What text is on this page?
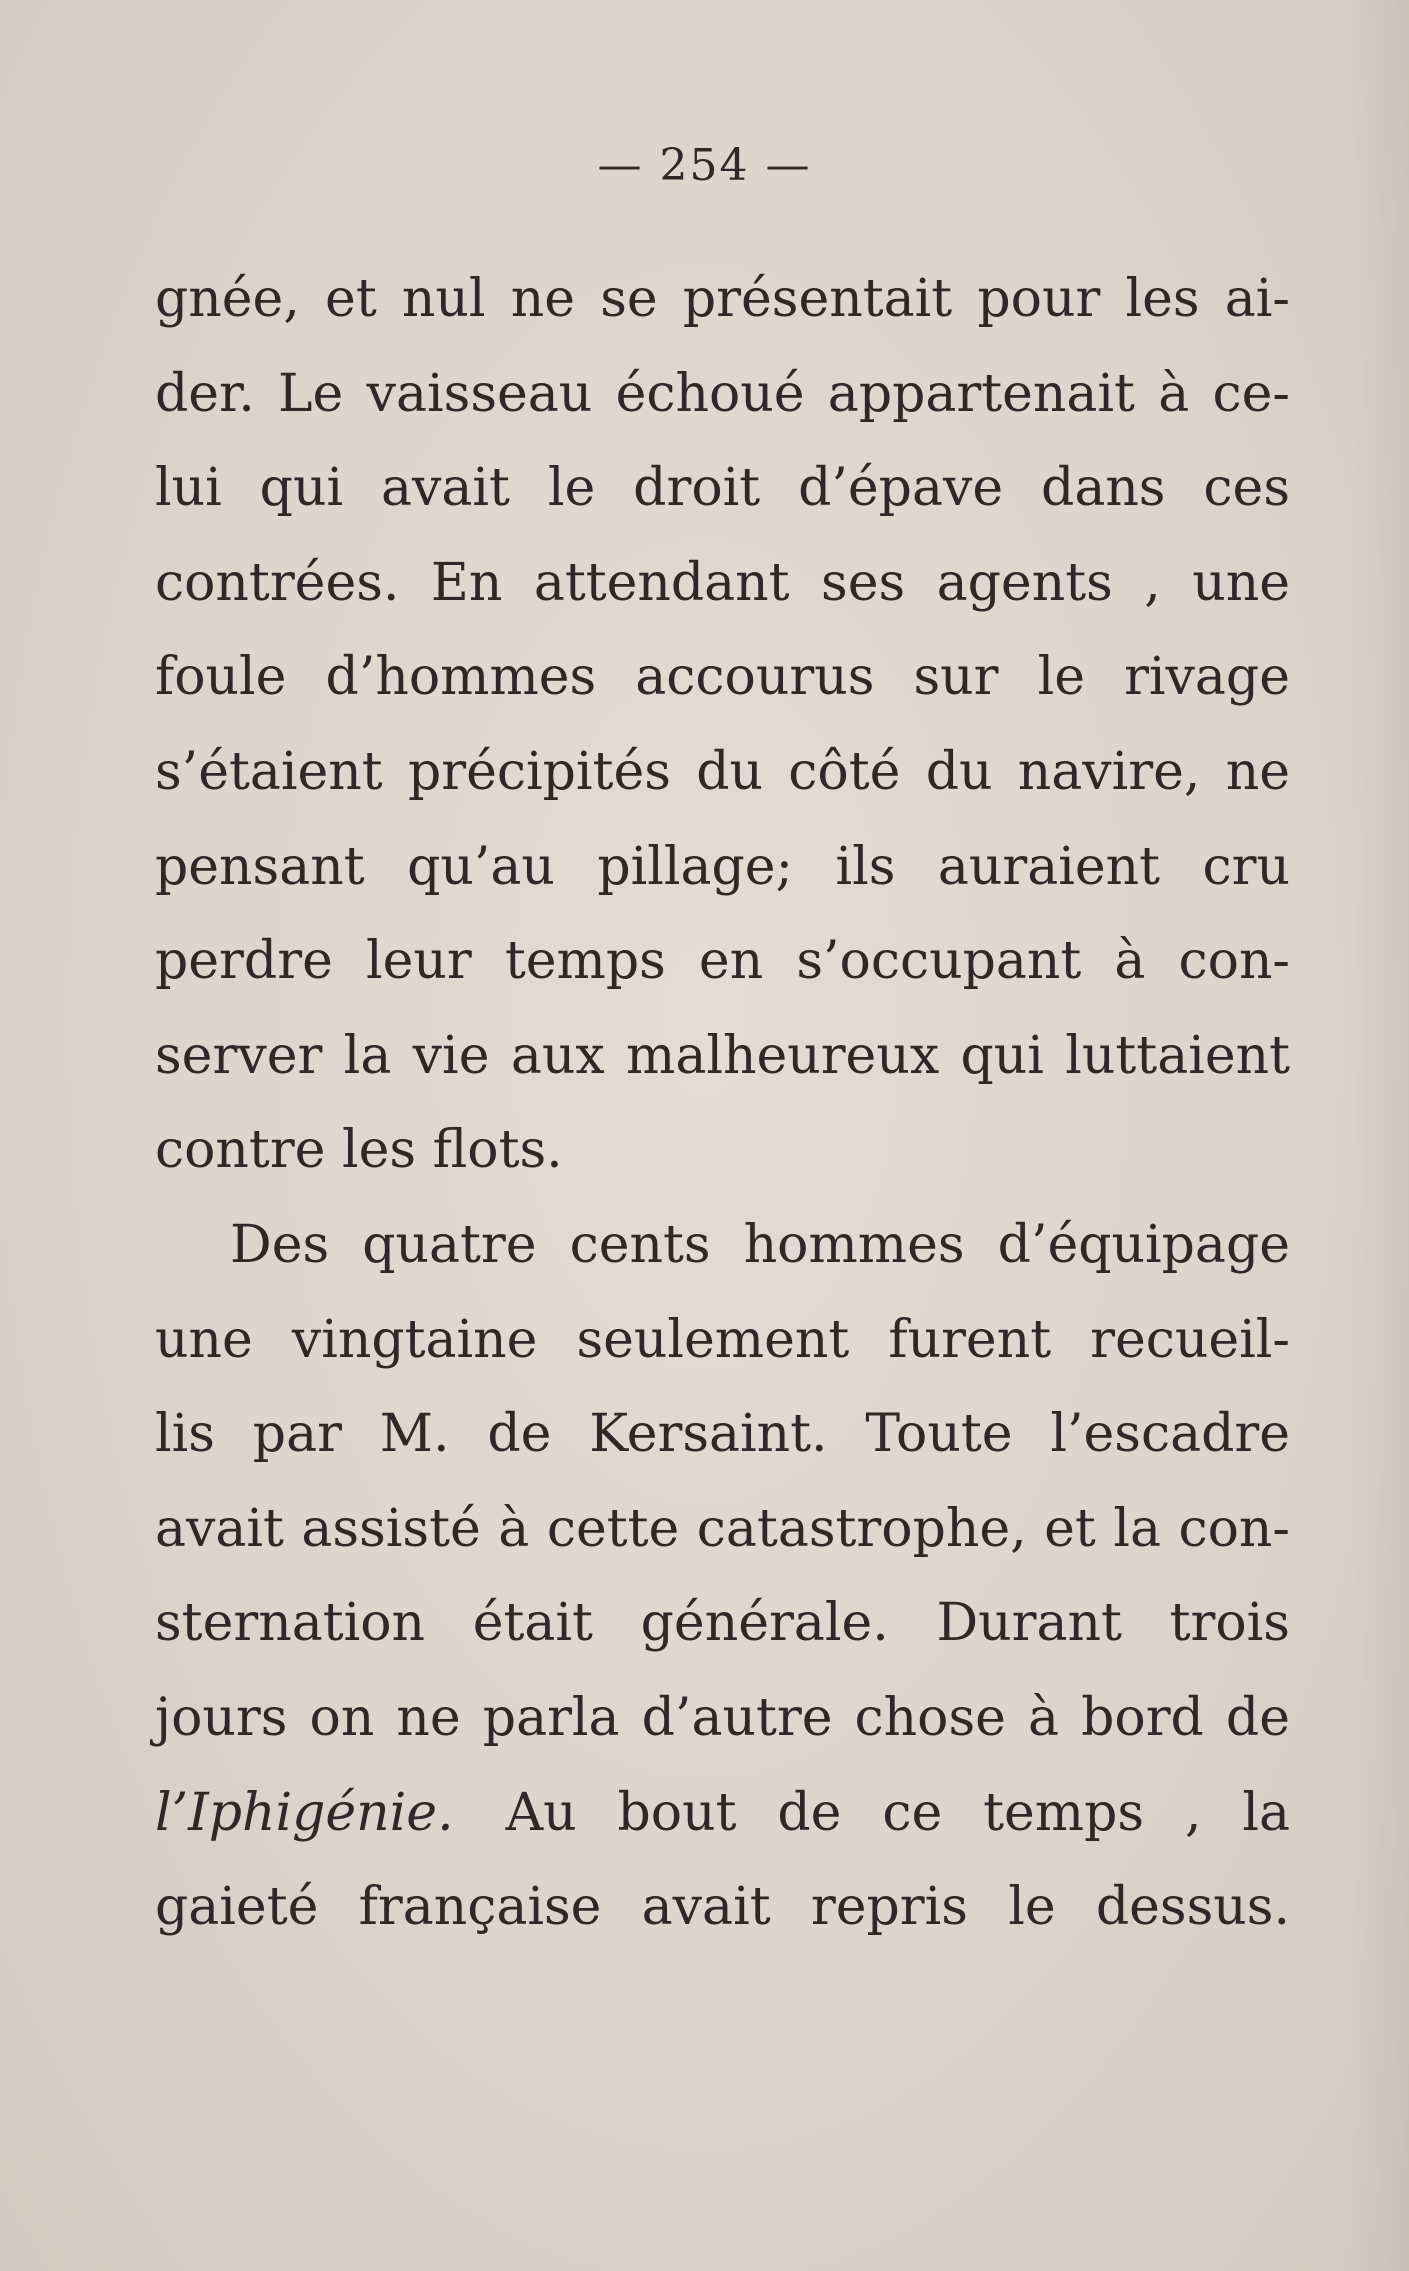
— 254 —
gnée, et nul ne se présentait pour les ai-
der. Le vaisseau échoué appartenait à ce-
lui qui avait le droit d’épave dans ces
contrées. En attendant ses agents , une
foule d’hommes accourus sur le rivage
s’étaient précipités du côté du navire, ne
pensant qu’au pillage; ils auraient cru
perdre leur temps en s’occupant à con-
server la vie aux malheureux qui luttaient
contre les flots.
Des quatre cents hommes d’équipage
une vingtaine seulement furent recueil-
lis par M. de Kersaint. Toute l’escadre
avait assisté à cette catastrophe, et la con-
sternation était générale. Durant trois
jours on ne parla d’autre chose à bord de
l’Iphigénie.  Au bout de ce temps , la
gaieté française avait repris le dessus.
